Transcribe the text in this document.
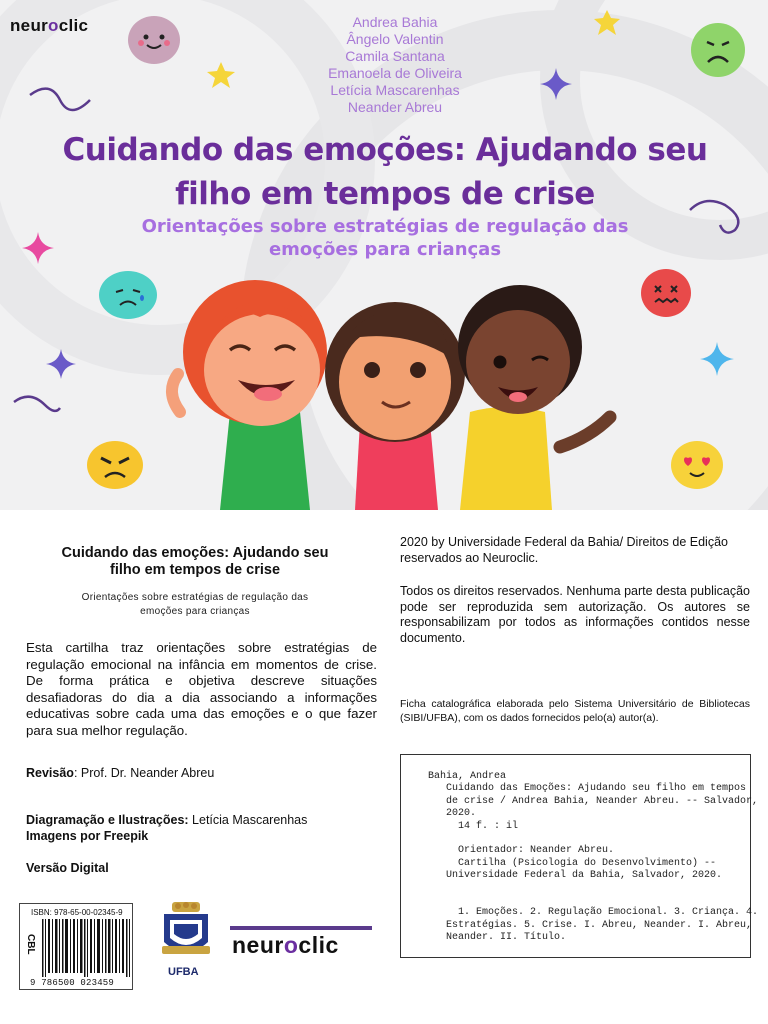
neuroclic	Andrea Bahia
Ângelo Valentin
Camila Santana
Emanoela de Oliveira
Letícia Mascarenhas
Neander Abreu
Cuidando das emoções: Ajudando seu
filho em tempos de crise
Orientações sobre estratégias de regulação das
emoções para crianças
Cuidando das emoções: Ajudando seu
filho em tempos de crise
Orientações sobre estratégias de regulação das
emoções para crianças
Esta cartilha traz orientações sobre estratégias de regulação emocional na infância em momentos de crise. De forma prática e objetiva descreve situações desafiadoras do dia a dia associando a informações educativas sobre cada uma das emoções e o que fazer para sua melhor regulação.
Revisão: Prof. Dr. Neander Abreu
Diagramação e Ilustrações: Letícia Mascarenhas
Imagens por Freepik
Versão Digital
2020 by Universidade Federal da Bahia/ Direitos de Edição reservados ao Neuroclic.
Todos os direitos reservados. Nenhuma parte desta publicação pode ser reproduzida sem autorização. Os autores se responsabilizam por todos as informações contidos nesse documento.
Ficha catalográfica elaborada pelo Sistema Universitário de Bibliotecas (SIBI/UFBA), com os dados fornecidos pelo(a) autor(a).
Bahia, Andrea
Cuidando das Emoções: Ajudando seu filho em tempos
de crise / Andrea Bahia, Neander Abreu. -- Salvador,
2020.
14 f. : il

Orientador: Neander Abreu.
Cartilha (Psicologia do Desenvolvimento) --
Universidade Federal da Bahia, Salvador, 2020.

1. Emoções. 2. Regulação Emocional. 3. Criança. 4.
Estratégias. 5. Crise. I. Abreu, Neander. I. Abreu,
Neander. II. Título.
ISBN: 978-65-00-02345-9
CBL
9 786500 023459
UFBA
neuroclic
